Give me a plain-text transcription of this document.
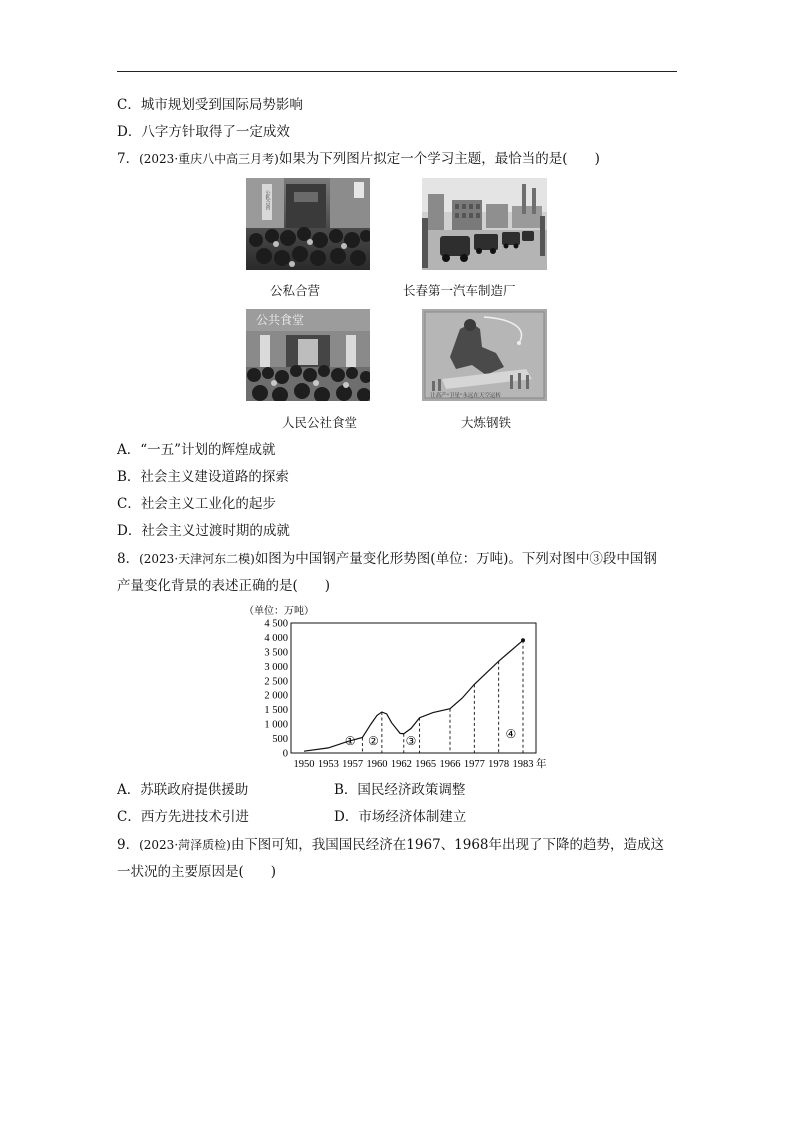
C．城市规划受到国际局势影响
D．八字方针取得了一定成效
7．(2023·重庆八中高三月考)如果为下列图片拟定一个学习主题，最恰当的是(　　)
公私合营
公私合营	长春第一汽车制造厂
公共食堂
让高产“卫星”永远在天空运转
人民公社食堂	大炼钢铁
A．“一五”计划的辉煌成就
B．社会主义建设道路的探索
C．社会主义工业化的起步
D．社会主义过渡时期的成就
8．(2023·天津河东二模)如图为中国钢产量变化形势图(单位：万吨)。下列对图中③段中国钢
产量变化背景的表述正确的是(　　)
（单位：万吨）
0
500
1 000
1 500
2 000
2 500
3 000
3 500
4 000
4 500
1950 1953 1957 1960 1962 1965 1966 1977 1978 1983 年
① ② ③	④
A．苏联政府提供援助	B．国民经济政策调整
C．西方先进技术引进	D．市场经济体制建立
9．(2023·菏泽质检)由下图可知，我国国民经济在1967、1968年出现了下降的趋势，造成这
一状况的主要原因是(　　)
